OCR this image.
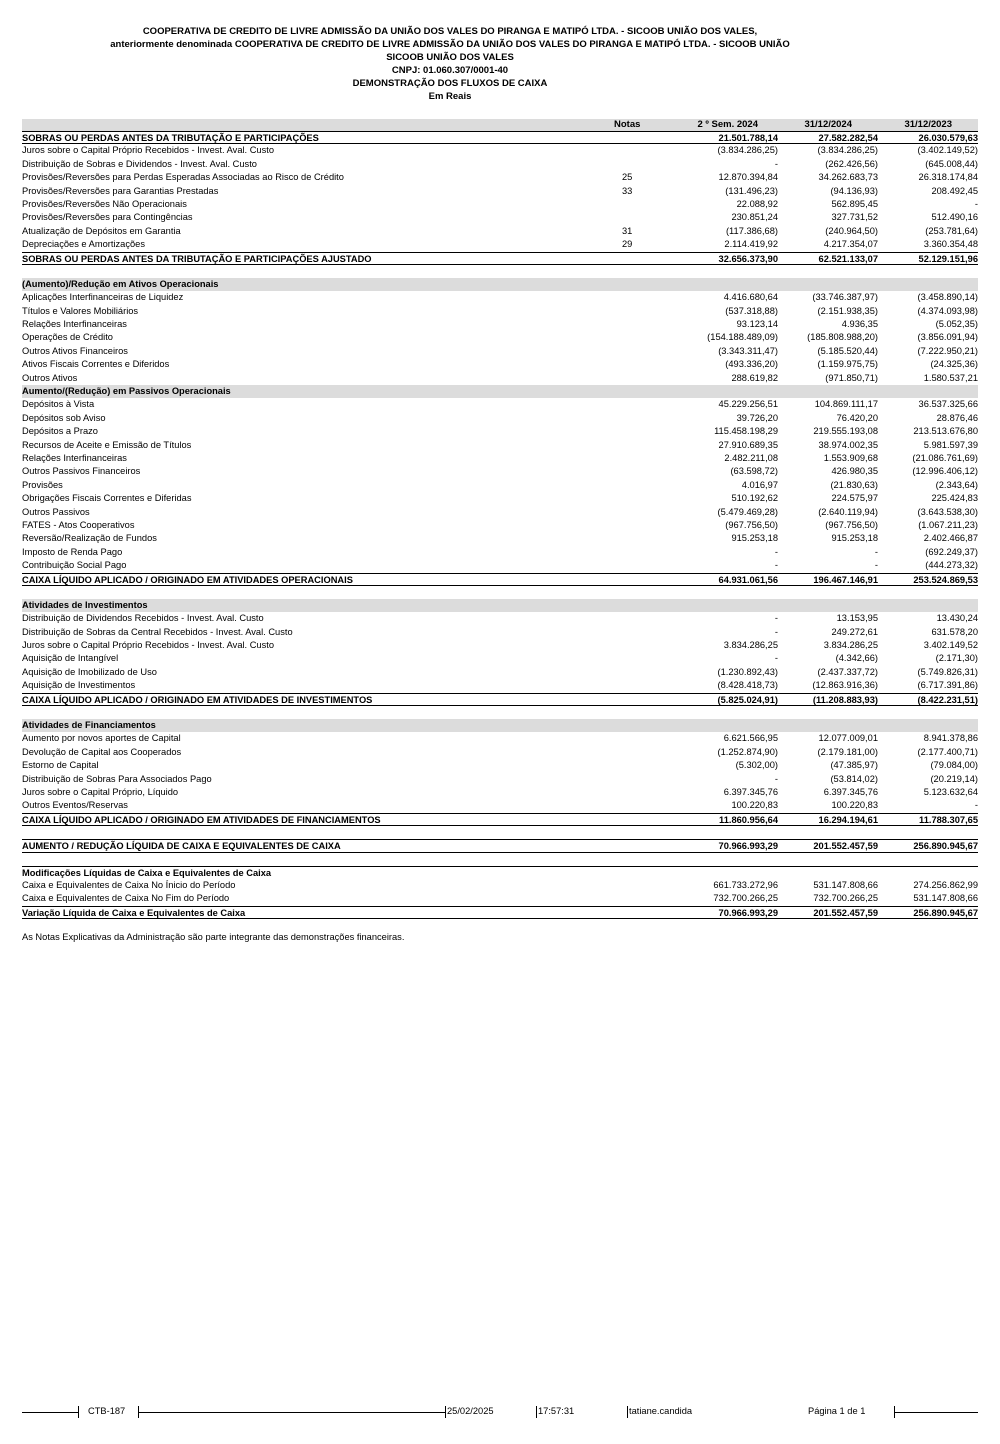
COOPERATIVA DE CREDITO DE LIVRE ADMISSÃO DA UNIÃO DOS VALES DO PIRANGA E MATIPÓ LTDA. - SICOOB UNIÃO DOS VALES,
anteriormente denominada COOPERATIVA DE CREDITO DE LIVRE ADMISSÃO DA UNIÃO DOS VALES DO PIRANGA E MATIPÓ LTDA. - SICOOB UNIÃO
SICOOB UNIÃO DOS VALES
CNPJ: 01.060.307/0001-40
DEMONSTRAÇÃO DOS FLUXOS DE CAIXA
Em Reais
Notas	2 º Sem. 2024	31/12/2024	31/12/2023
SOBRAS OU PERDAS ANTES DA TRIBUTAÇÃO E PARTICIPAÇÕES	21.501.788,14	27.582.282,54	26.030.579,63
Juros sobre o Capital Próprio Recebidos - Invest. Aval. Custo	(3.834.286,25)	(3.834.286,25)	(3.402.149,52)
Distribuição de Sobras e Dividendos - Invest. Aval. Custo	-	(262.426,56)	(645.008,44)
Provisões/Reversões para Perdas Esperadas Associadas ao Risco de Crédito	25	12.870.394,84	34.262.683,73	26.318.174,84
Provisões/Reversões para Garantias Prestadas	33	(131.496,23)	(94.136,93)	208.492,45
Provisões/Reversões Não Operacionais	22.088,92	562.895,45	-
Provisões/Reversões para Contingências	230.851,24	327.731,52	512.490,16
Atualização de Depósitos em Garantia	31	(117.386,68)	(240.964,50)	(253.781,64)
Depreciações e Amortizações	29	2.114.419,92	4.217.354,07	3.360.354,48
SOBRAS OU PERDAS ANTES DA TRIBUTAÇÃO E PARTICIPAÇÕES AJUSTADO	32.656.373,90	62.521.133,07	52.129.151,96
(Aumento)/Redução em Ativos Operacionais
Aplicações Interfinanceiras de Liquidez	4.416.680,64	(33.746.387,97)	(3.458.890,14)
Títulos e Valores Mobiliários	(537.318,88)	(2.151.938,35)	(4.374.093,98)
Relações Interfinanceiras	93.123,14	4.936,35	(5.052,35)
Operações de Crédito	(154.188.489,09)	(185.808.988,20)	(3.856.091,94)
Outros Ativos Financeiros	(3.343.311,47)	(5.185.520,44)	(7.222.950,21)
Ativos Fiscais Correntes e Diferidos	(493.336,20)	(1.159.975,75)	(24.325,36)
Outros Ativos	288.619,82	(971.850,71)	1.580.537,21
Aumento/(Redução) em Passivos Operacionais
Depósitos à Vista	45.229.256,51	104.869.111,17	36.537.325,66
Depósitos sob Aviso	39.726,20	76.420,20	28.876,46
Depósitos a Prazo	115.458.198,29	219.555.193,08	213.513.676,80
Recursos de Aceite e Emissão de Títulos	27.910.689,35	38.974.002,35	5.981.597,39
Relações Interfinanceiras	2.482.211,08	1.553.909,68	(21.086.761,69)
Outros Passivos Financeiros	(63.598,72)	426.980,35	(12.996.406,12)
Provisões	4.016,97	(21.830,63)	(2.343,64)
Obrigações Fiscais Correntes e Diferidas	510.192,62	224.575,97	225.424,83
Outros Passivos	(5.479.469,28)	(2.640.119,94)	(3.643.538,30)
FATES - Atos Cooperativos	(967.756,50)	(967.756,50)	(1.067.211,23)
Reversão/Realização de Fundos	915.253,18	915.253,18	2.402.466,87
Imposto de Renda Pago	-	-	(692.249,37)
Contribuição Social Pago	-	-	(444.273,32)
CAIXA LÍQUIDO APLICADO / ORIGINADO EM ATIVIDADES OPERACIONAIS	64.931.061,56	196.467.146,91	253.524.869,53
Atividades de Investimentos
Distribuição de Dividendos Recebidos - Invest. Aval. Custo	-	13.153,95	13.430,24
Distribuição de Sobras da Central Recebidos - Invest. Aval. Custo	-	249.272,61	631.578,20
Juros sobre o Capital Próprio Recebidos - Invest. Aval. Custo	3.834.286,25	3.834.286,25	3.402.149,52
Aquisição de Intangível	-	(4.342,66)	(2.171,30)
Aquisição de Imobilizado de Uso	(1.230.892,43)	(2.437.337,72)	(5.749.826,31)
Aquisição de Investimentos	(8.428.418,73)	(12.863.916,36)	(6.717.391,86)
CAIXA LÍQUIDO APLICADO / ORIGINADO EM ATIVIDADES DE INVESTIMENTOS	(5.825.024,91)	(11.208.883,93)	(8.422.231,51)
Atividades de Financiamentos
Aumento por novos aportes de Capital	6.621.566,95	12.077.009,01	8.941.378,86
Devolução de Capital aos Cooperados	(1.252.874,90)	(2.179.181,00)	(2.177.400,71)
Estorno de Capital	(5.302,00)	(47.385,97)	(79.084,00)
Distribuição de Sobras Para Associados Pago	-	(53.814,02)	(20.219,14)
Juros sobre o Capital Próprio, Líquido	6.397.345,76	6.397.345,76	5.123.632,64
Outros Eventos/Reservas	100.220,83	100.220,83	-
CAIXA LÍQUIDO APLICADO / ORIGINADO EM ATIVIDADES DE FINANCIAMENTOS	11.860.956,64	16.294.194,61	11.788.307,65
AUMENTO / REDUÇÃO LÍQUIDA DE CAIXA E EQUIVALENTES DE CAIXA	70.966.993,29	201.552.457,59	256.890.945,67
Modificações Líquidas de Caixa e Equivalentes de Caixa
Caixa e Equivalentes de Caixa No Ínicio do Período	661.733.272,96	531.147.808,66	274.256.862,99
Caixa e Equivalentes de Caixa No Fim do Período	732.700.266,25	732.700.266,25	531.147.808,66
Variação Líquida de Caixa e Equivalentes de Caixa	70.966.993,29	201.552.457,59	256.890.945,67
As Notas Explicativas da Administração são parte integrante das demonstrações financeiras.
CTB-187	25/02/2025	17:57:31	tatiane.candida	Página 1 de 1
